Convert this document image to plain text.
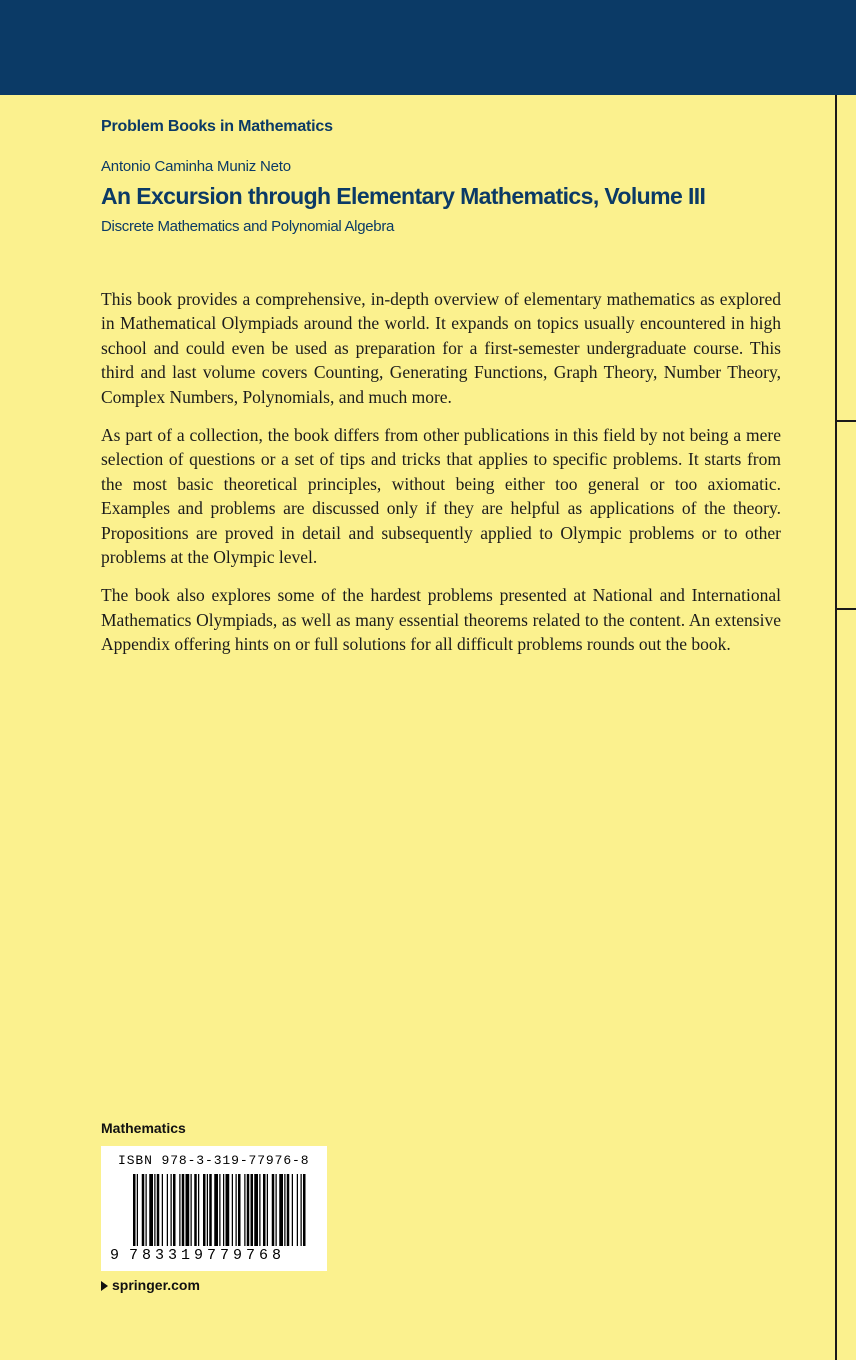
Problem Books in Mathematics
Antonio Caminha Muniz Neto
An Excursion through Elementary Mathematics, Volume III
Discrete Mathematics and Polynomial Algebra

This book provides a comprehensive, in-depth overview of elementary mathematics as explored in Mathematical Olympiads around the world. It expands on topics usually encountered in high school and could even be used as preparation for a first-semester undergraduate course. This third and last volume covers Counting, Generating Functions, Graph Theory, Number Theory, Complex Numbers, Polynomials, and much more.

As part of a collection, the book differs from other publications in this field by not being a mere selection of questions or a set of tips and tricks that applies to specific problems. It starts from the most basic theoretical principles, without being either too general or too axiomatic. Examples and problems are discussed only if they are helpful as applications of the theory. Propositions are proved in detail and subsequently applied to Olympic problems or to other problems at the Olympic level.

The book also explores some of the hardest problems presented at National and International Mathematics Olympiads, as well as many essential theorems related to the content. An extensive Appendix offering hints on or full solutions for all difficult problems rounds out the book.

Mathematics
ISBN 978-3-319-77976-8
9 783319779768
springer.com
